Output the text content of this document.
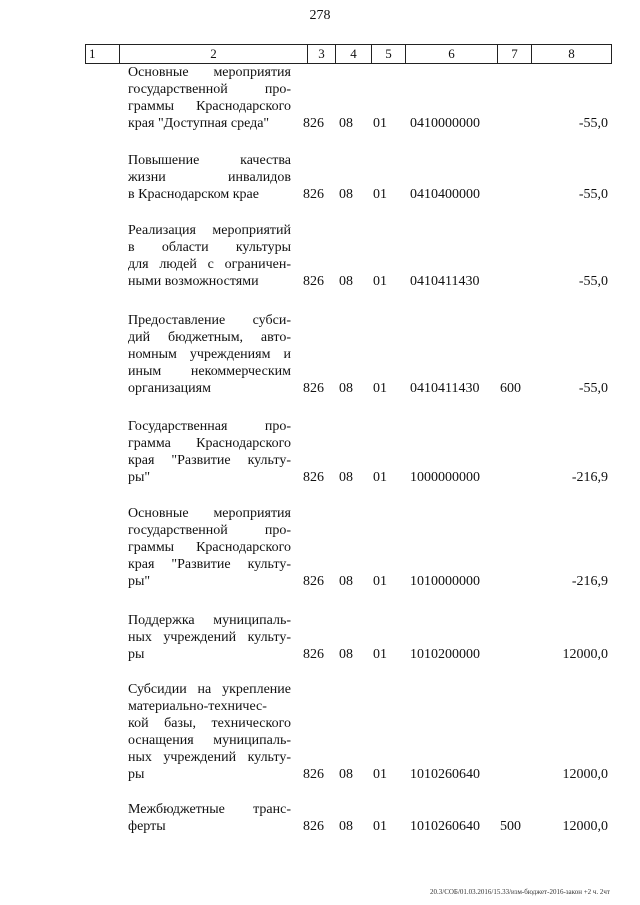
278
1	2	3	4	5	6	7	8
Основные мероприятия
государственной про-
граммы Краснодарского
края "Доступная среда"	826 08 01 0410000000	-55,0
Повышение качества
жизни инвалидов
в Краснодарском крае	826 08 01 0410400000	-55,0
Реализация мероприятий
в области культуры
для людей с ограничен-
ными возможностями	826 08 01 0410411430	-55,0
Предоставление субси-
дий бюджетным, авто-
номным учреждениям и
иным некоммерческим
организациям	826 08 01 0410411430 600	-55,0
Государственная про-
грамма Краснодарского
края "Развитие культу-
ры"	826 08 01 1000000000	-216,9
Основные мероприятия
государственной про-
граммы Краснодарского
края "Развитие культу-
ры"	826 08 01 1010000000	-216,9
Поддержка муниципаль-
ных учреждений культу-
ры	826 08 01 1010200000	12000,0
Субсидии на укрепление
материально-техничес-
кой базы, технического
оснащения муниципаль-
ных учреждений культу-
ры	826 08 01 1010260640	12000,0
Межбюджетные транс-
ферты	826 08 01 1010260640 500	12000,0
20.3/СОБ/01.03.2016/15.33/изм-бюджет-2016-закон +2 ч. 2чт
